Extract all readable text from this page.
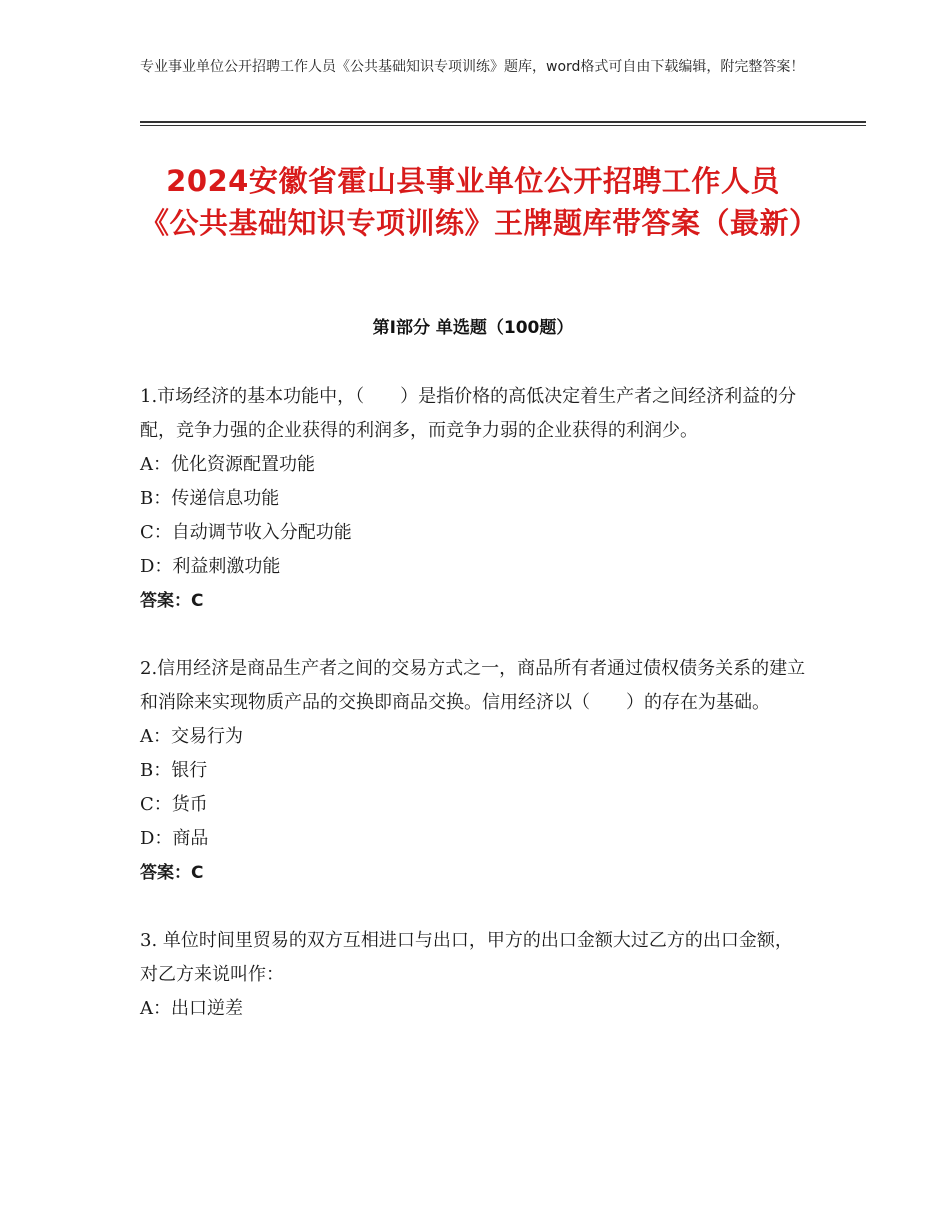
专业事业单位公开招聘工作人员《公共基础知识专项训练》题库，word格式可自由下载编辑，附完整答案！
2024安徽省霍山县事业单位公开招聘工作人员《公共基础知识专项训练》王牌题库带答案（最新）
第Ⅰ部分 单选题（100题）

1.市场经济的基本功能中，（　　）是指价格的高低决定着生产者之间经济利益的分配，竞争力强的企业获得的利润多，而竞争力弱的企业获得的利润少。

A：优化资源配置功能

B：传递信息功能

C：自动调节收入分配功能

D：利益刺激功能

答案：C

2.信用经济是商品生产者之间的交易方式之一，商品所有者通过债权债务关系的建立和消除来实现物质产品的交换即商品交换。信用经济以（　　）的存在为基础。

A：交易行为

B：银行

C：货币

D：商品

答案：C

3. 单位时间里贸易的双方互相进口与出口，甲方的出口金额大过乙方的出口金额，对乙方来说叫作：

A：出口逆差
